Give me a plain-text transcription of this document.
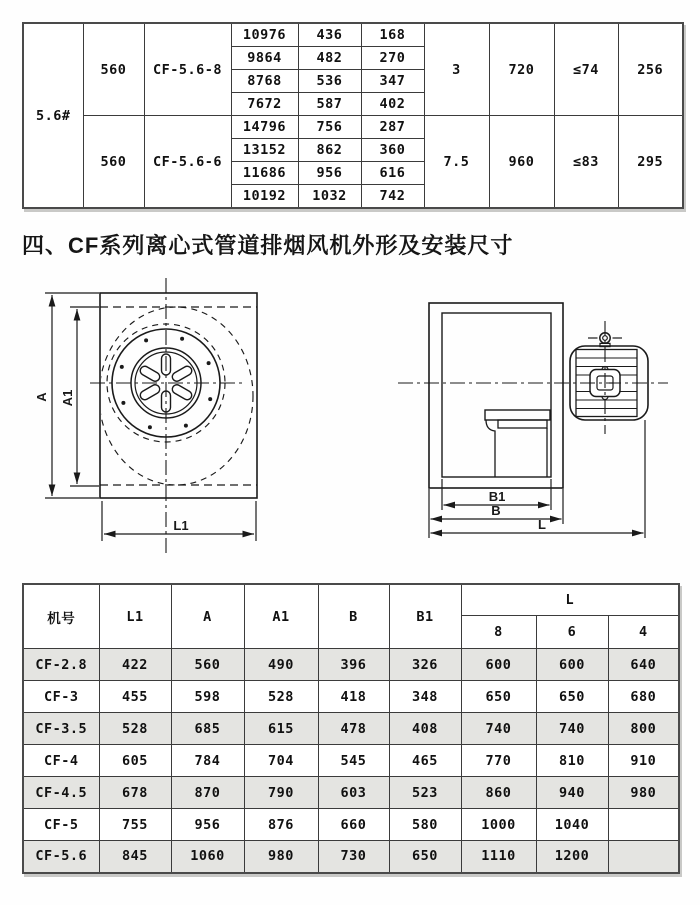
5.6#	560	CF-5.6-8	10976	436	168	3	720	≤74	256
			9864	482	270				
			8768	536	347				
			7672	587	402				
	560	CF-5.6-6	14796	756	287	7.5	960	≤83	295
			13152	862	360				
			11686	956	616				
			10192	1032	742				
四、CF系列离心式管道排烟风机外形及安装尺寸
A A1
L1
B1
B
L
机号	L1	A	A1	B	B1	L		
						8	6	4
CF-2.8	422	560	490	396	326	600	600	640
CF-3	455	598	528	418	348	650	650	680
CF-3.5	528	685	615	478	408	740	740	800
CF-4	605	784	704	545	465	770	810	910
CF-4.5	678	870	790	603	523	860	940	980
CF-5	755	956	876	660	580	1000	1040	
CF-5.6	845	1060	980	730	650	1110	1200	
